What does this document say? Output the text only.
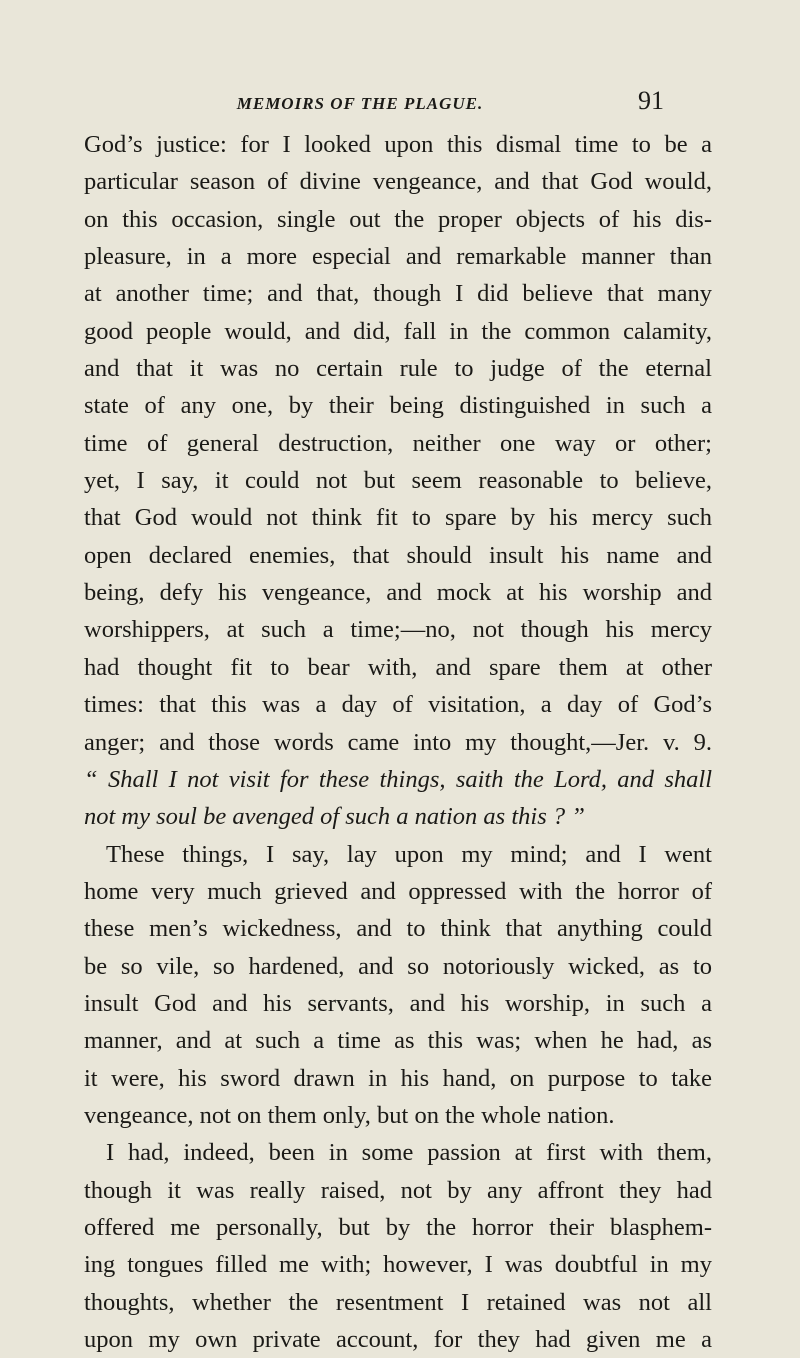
MEMOIRS OF THE PLAGUE.	91
God’s justice: for I looked upon this dismal time to be a
particular season of divine vengeance, and that God would,
on this occasion, single out the proper objects of his dis-
pleasure, in a more especial and remarkable manner than
at another time; and that, though I did believe that many
good people would, and did, fall in the common calamity,
and that it was no certain rule to judge of the eternal
state of any one, by their being distinguished in such a
time of general destruction, neither one way or other;
yet, I say, it could not but seem reasonable to believe,
that God would not think fit to spare by his mercy such
open declared enemies, that should insult his name and
being, defy his vengeance, and mock at his worship and
worshippers, at such a time;—no, not though his mercy
had thought fit to bear with, and spare them at other
times: that this was a day of visitation, a day of God’s
anger; and those words came into my thought,—Jer. v. 9.
“ Shall I not visit for these things, saith the Lord, and shall
not my soul be avenged of such a nation as this ? ”
These things, I say, lay upon my mind; and I went
home very much grieved and oppressed with the horror of
these men’s wickedness, and to think that anything could
be so vile, so hardened, and so notoriously wicked, as to
insult God and his servants, and his worship, in such a
manner, and at such a time as this was; when he had, as
it were, his sword drawn in his hand, on purpose to take
vengeance, not on them only, but on the whole nation.
I had, indeed, been in some passion at first with them,
though it was really raised, not by any affront they had
offered me personally, but by the horror their blasphem-
ing tongues filled me with; however, I was doubtful in my
thoughts, whether the resentment I retained was not all
upon my own private account, for they had given me a
